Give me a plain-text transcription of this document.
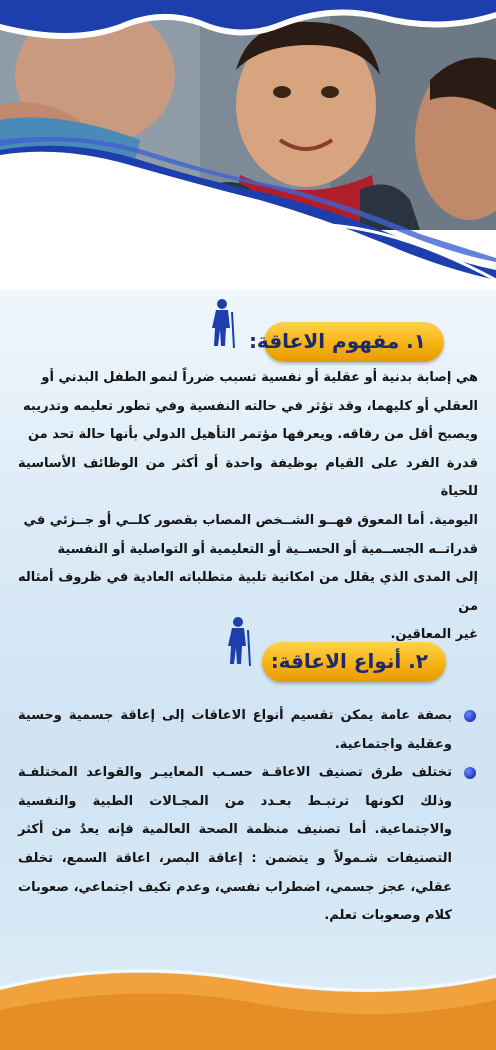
١. مفهوم الاعاقة:

هي إصابة بدنية أو عقلية أو نفسية تسبب ضرراً لنمو الطفل البدني أو

العقلي أو كليهما، وقد تؤثر في حالته النفسية وفي تطور تعليمه وتدريبه

ويصبح أقل من رفاقه. ويعرفها مؤتمر التأهيل الدولي بأنها حالة تحد من

قدرة الفرد على القيام بوظيفة واحدة أو أكثر من الوظائف الأساسية للحياة

اليومية. أما المعوق فهــو الشــخص المصاب بقصور كلــي أو جــزئي في

قدراتــه الجســمية أو الحســية أو التعليمية أو التواصلية أو النفسية

إلى المدى الذي يقلل من امكانية تلبية متطلباته العادية في ظروف أمثاله من

غير المعاقين.

٢. أنواع الاعاقة:
بصفة عامة يمكن تقسيم أنواع الاعاقات إلى إعاقة جسمية وحسية وعقلية واجتماعية.
تختلف طرق تصنيف الاعاقـة حسـب المعاييـر والقواعد المختلفـة وذلك لكونها ترتبـط بعـدد من المجـالات الطبية والنفسية والاجتماعية. أما تصنيف منظمة الصحة العالمية فإنه يعدُ من أكثر التصنيفات شـمولاً و يتضمن : إعاقة البصر، اعاقة السمع، تخلف عقلي، عجز جسمي، اضطراب نفسي، وعدم تكيف اجتماعي، صعوبات كلام وصعوبات تعلم.
